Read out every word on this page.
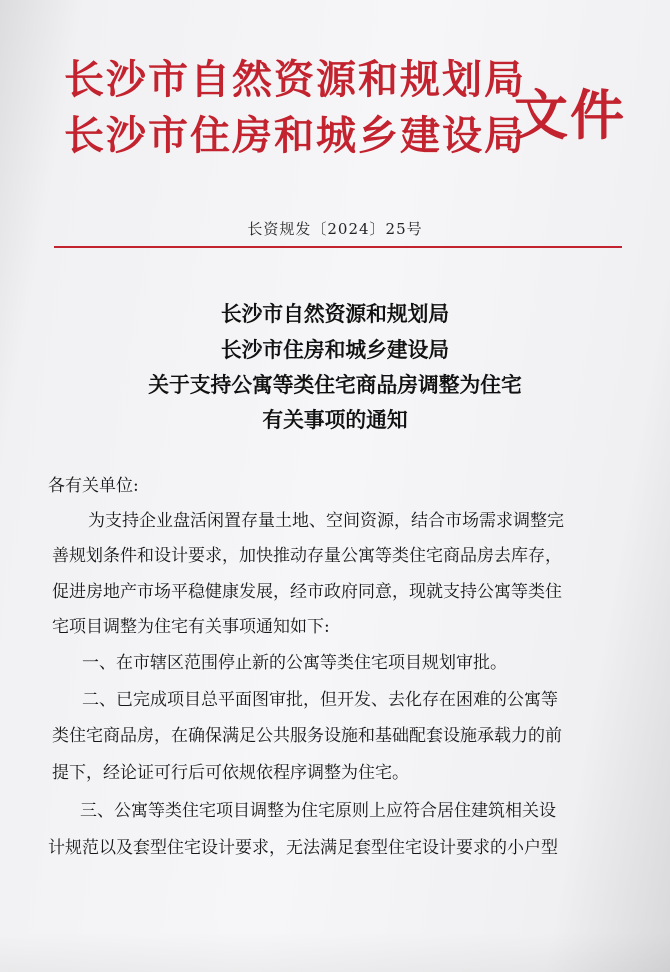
长沙市自然资源和规划局
长沙市住房和城乡建设局
文件
长资规发〔2024〕25号
长沙市自然资源和规划局
长沙市住房和城乡建设局
关于支持公寓等类住宅商品房调整为住宅
有关事项的通知
各有关单位:
为支持企业盘活闲置存量土地、空间资源，结合市场需求调整完
善规划条件和设计要求，加快推动存量公寓等类住宅商品房去库存，
促进房地产市场平稳健康发展，经市政府同意，现就支持公寓等类住
宅项目调整为住宅有关事项通知如下:
一、在市辖区范围停止新的公寓等类住宅项目规划审批。
二、已完成项目总平面图审批，但开发、去化存在困难的公寓等
类住宅商品房，在确保满足公共服务设施和基础配套设施承载力的前
提下，经论证可行后可依规依程序调整为住宅。
三、公寓等类住宅项目调整为住宅原则上应符合居住建筑相关设
计规范以及套型住宅设计要求，无法满足套型住宅设计要求的小户型
